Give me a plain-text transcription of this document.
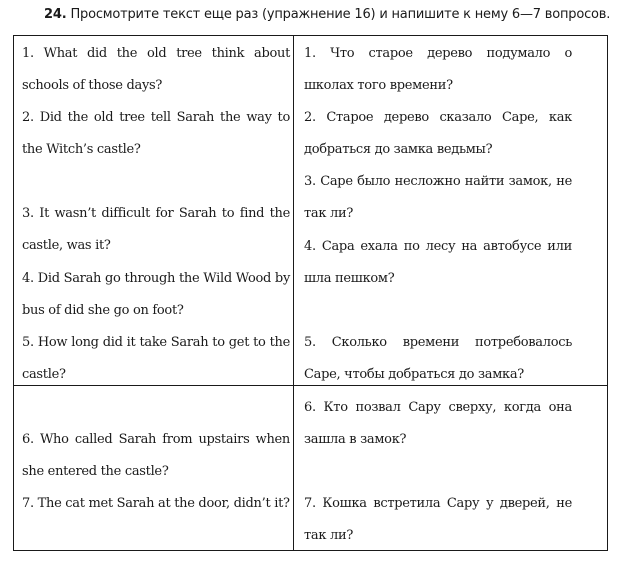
24. Просмотрите текст еще раз (упражнение 16) и напишите к нему 6—7 вопросов.
1. What did the old tree think about schools of those days?
2. Did the old tree tell Sarah the way to the Witch’s castle?
3. It wasn’t difficult for Sarah to find the castle, was it?
4. Did Sarah go through the Wild Wood by bus of did she go on foot?
5. How long did it take Sarah to get to the castle?
1. Что старое дерево подумало о школах того времени?
2. Старое дерево сказало Саре, как добраться до замка ведьмы?
3. Саре было несложно найти замок, не так ли?
4. Сара ехала по лесу на автобусе или шла пешком?
5. Сколько времени потребовалось Саре, чтобы добраться до замка?
6. Who called Sarah from upstairs when she entered the castle?
7. The cat met Sarah at the door, didn’t it?
6. Кто позвал Сару сверху, когда она зашла в замок?
7. Кошка встретила Сару у дверей, не так ли?
